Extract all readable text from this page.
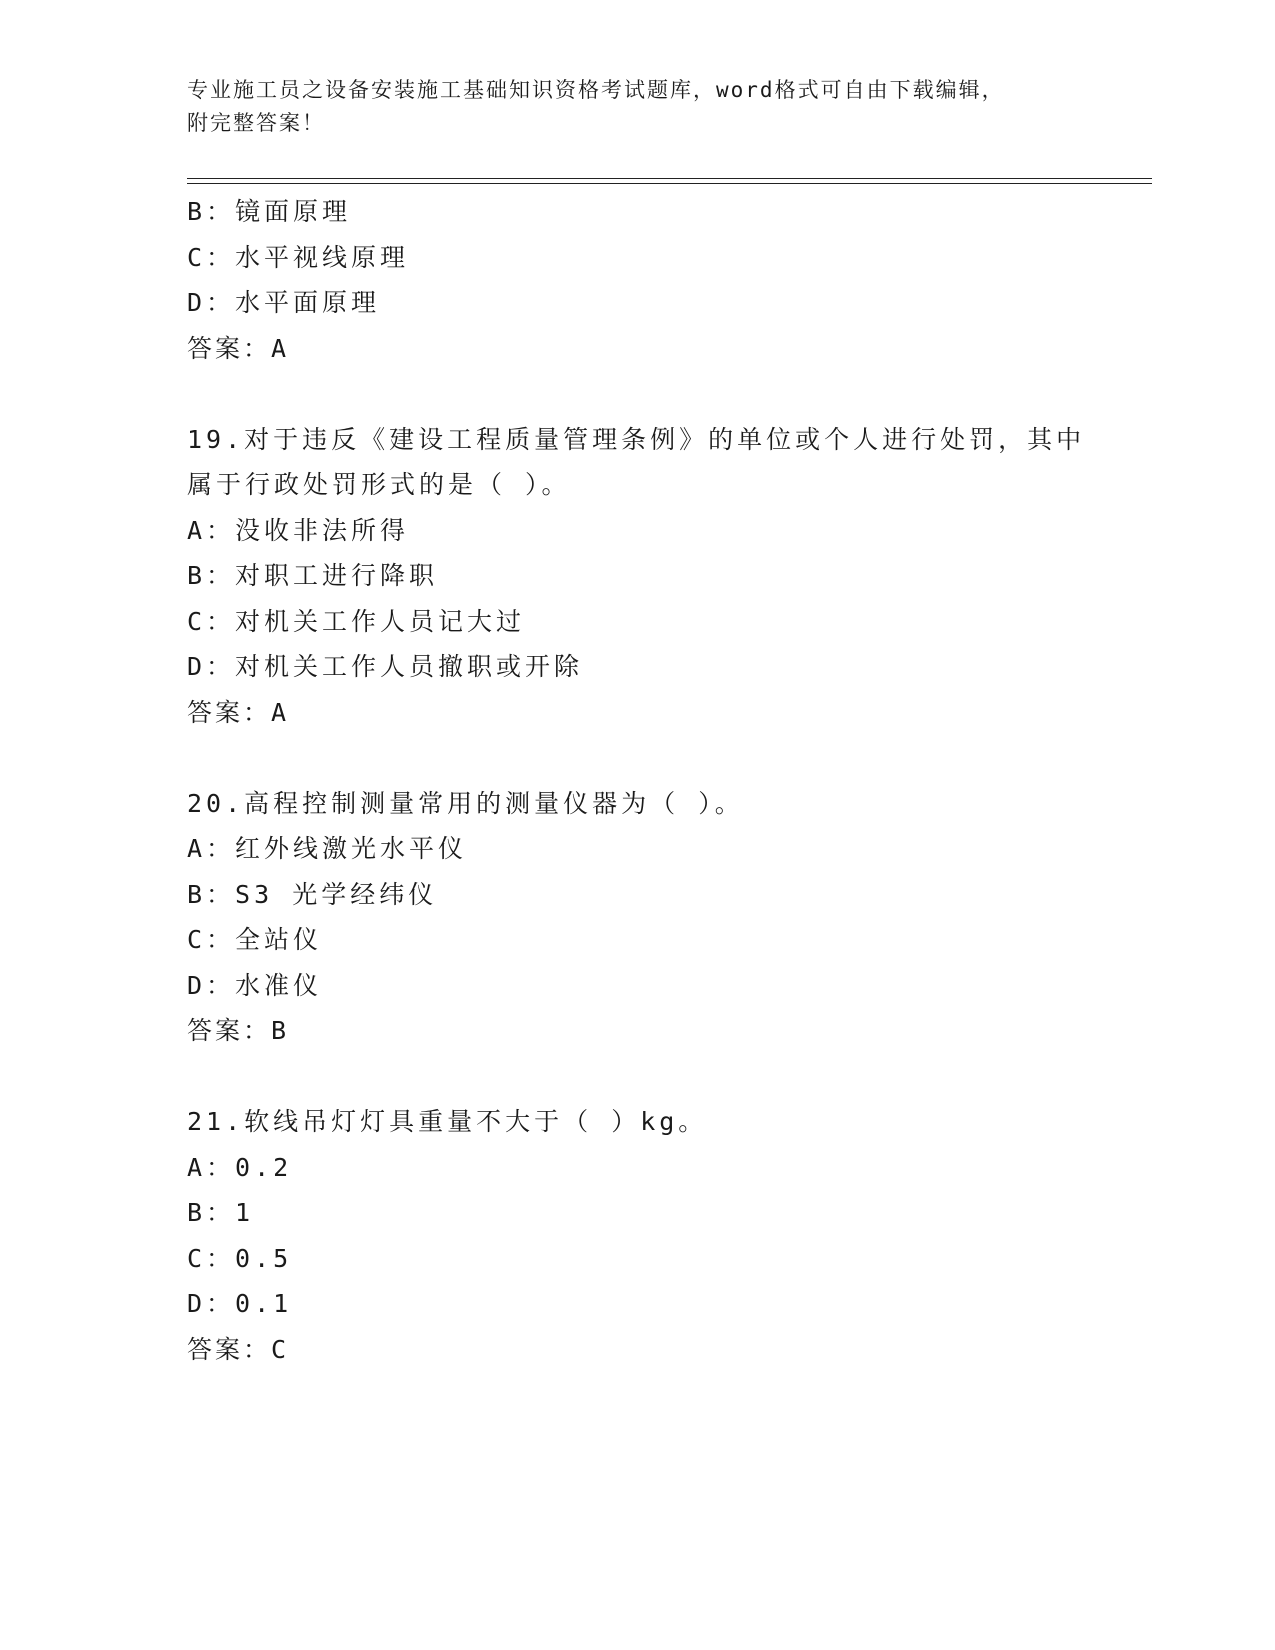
专业施工员之设备安装施工基础知识资格考试题库，word格式可自由下载编辑，
附完整答案！
B：镜面原理
C：水平视线原理
D：水平面原理
答案：A
19.对于违反《建设工程质量管理条例》的单位或个人进行处罚，其中
属于行政处罚形式的是（ ）。
A：没收非法所得
B：对职工进行降职
C：对机关工作人员记大过
D：对机关工作人员撤职或开除
答案：A
20.高程控制测量常用的测量仪器为（ ）。
A：红外线激光水平仪
B：S3 光学经纬仪
C：全站仪
D：水准仪
答案：B
21.软线吊灯灯具重量不大于（ ）kg。
A：0.2
B：1
C：0.5
D：0.1
答案：C
